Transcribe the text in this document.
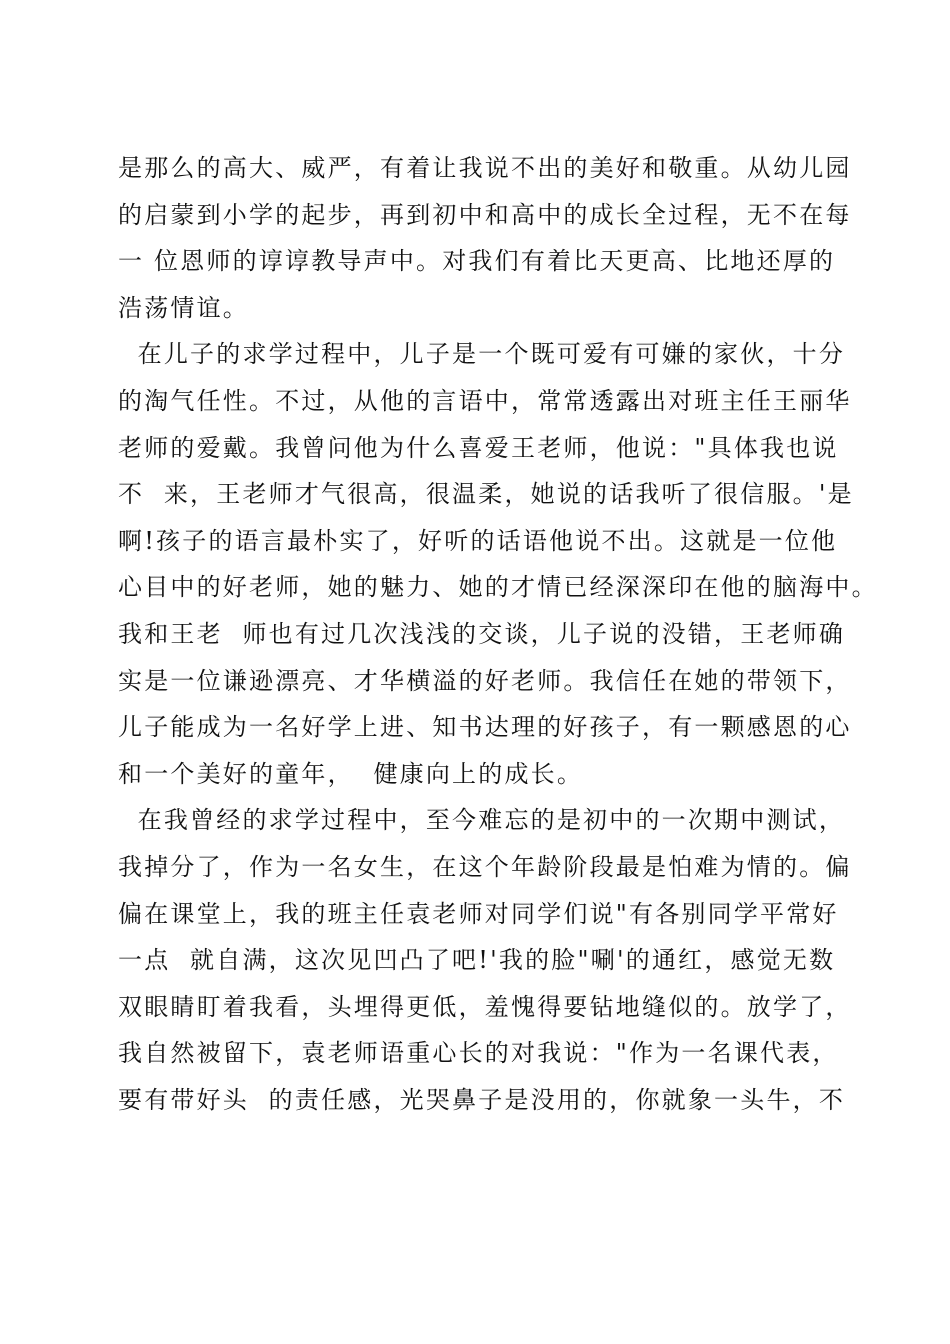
是那么的高大、威严，有着让我说不出的美好和敬重。从幼儿园
的启蒙到小学的起步，再到初中和高中的成长全过程，无不在每
一 位恩师的谆谆教导声中。对我们有着比天更高、比地还厚的
浩荡情谊。
在儿子的求学过程中，儿子是一个既可爱有可嫌的家伙，十分
的淘气任性。不过，从他的言语中，常常透露出对班主任王丽华
老师的爱戴。我曾问他为什么喜爱王老师，他说："具体我也说
不  来，王老师才气很高，很温柔，她说的话我听了很信服。'是
啊!孩子的语言最朴实了，好听的话语他说不出。这就是一位他
心目中的好老师，她的魅力、她的才情已经深深印在他的脑海中。
我和王老  师也有过几次浅浅的交谈，儿子说的没错，王老师确
实是一位谦逊漂亮、才华横溢的好老师。我信任在她的带领下，
儿子能成为一名好学上进、知书达理的好孩子，有一颗感恩的心
和一个美好的童年，  健康向上的成长。
在我曾经的求学过程中，至今难忘的是初中的一次期中测试，
我掉分了，作为一名女生，在这个年龄阶段最是怕难为情的。偏
偏在课堂上，我的班主任袁老师对同学们说"有各别同学平常好
一点  就自满，这次见凹凸了吧!'我的脸"唰'的通红，感觉无数
双眼睛盯着我看，头埋得更低，羞愧得要钻地缝似的。放学了，
我自然被留下，袁老师语重心长的对我说："作为一名课代表，
要有带好头  的责任感，光哭鼻子是没用的，你就象一头牛，不
